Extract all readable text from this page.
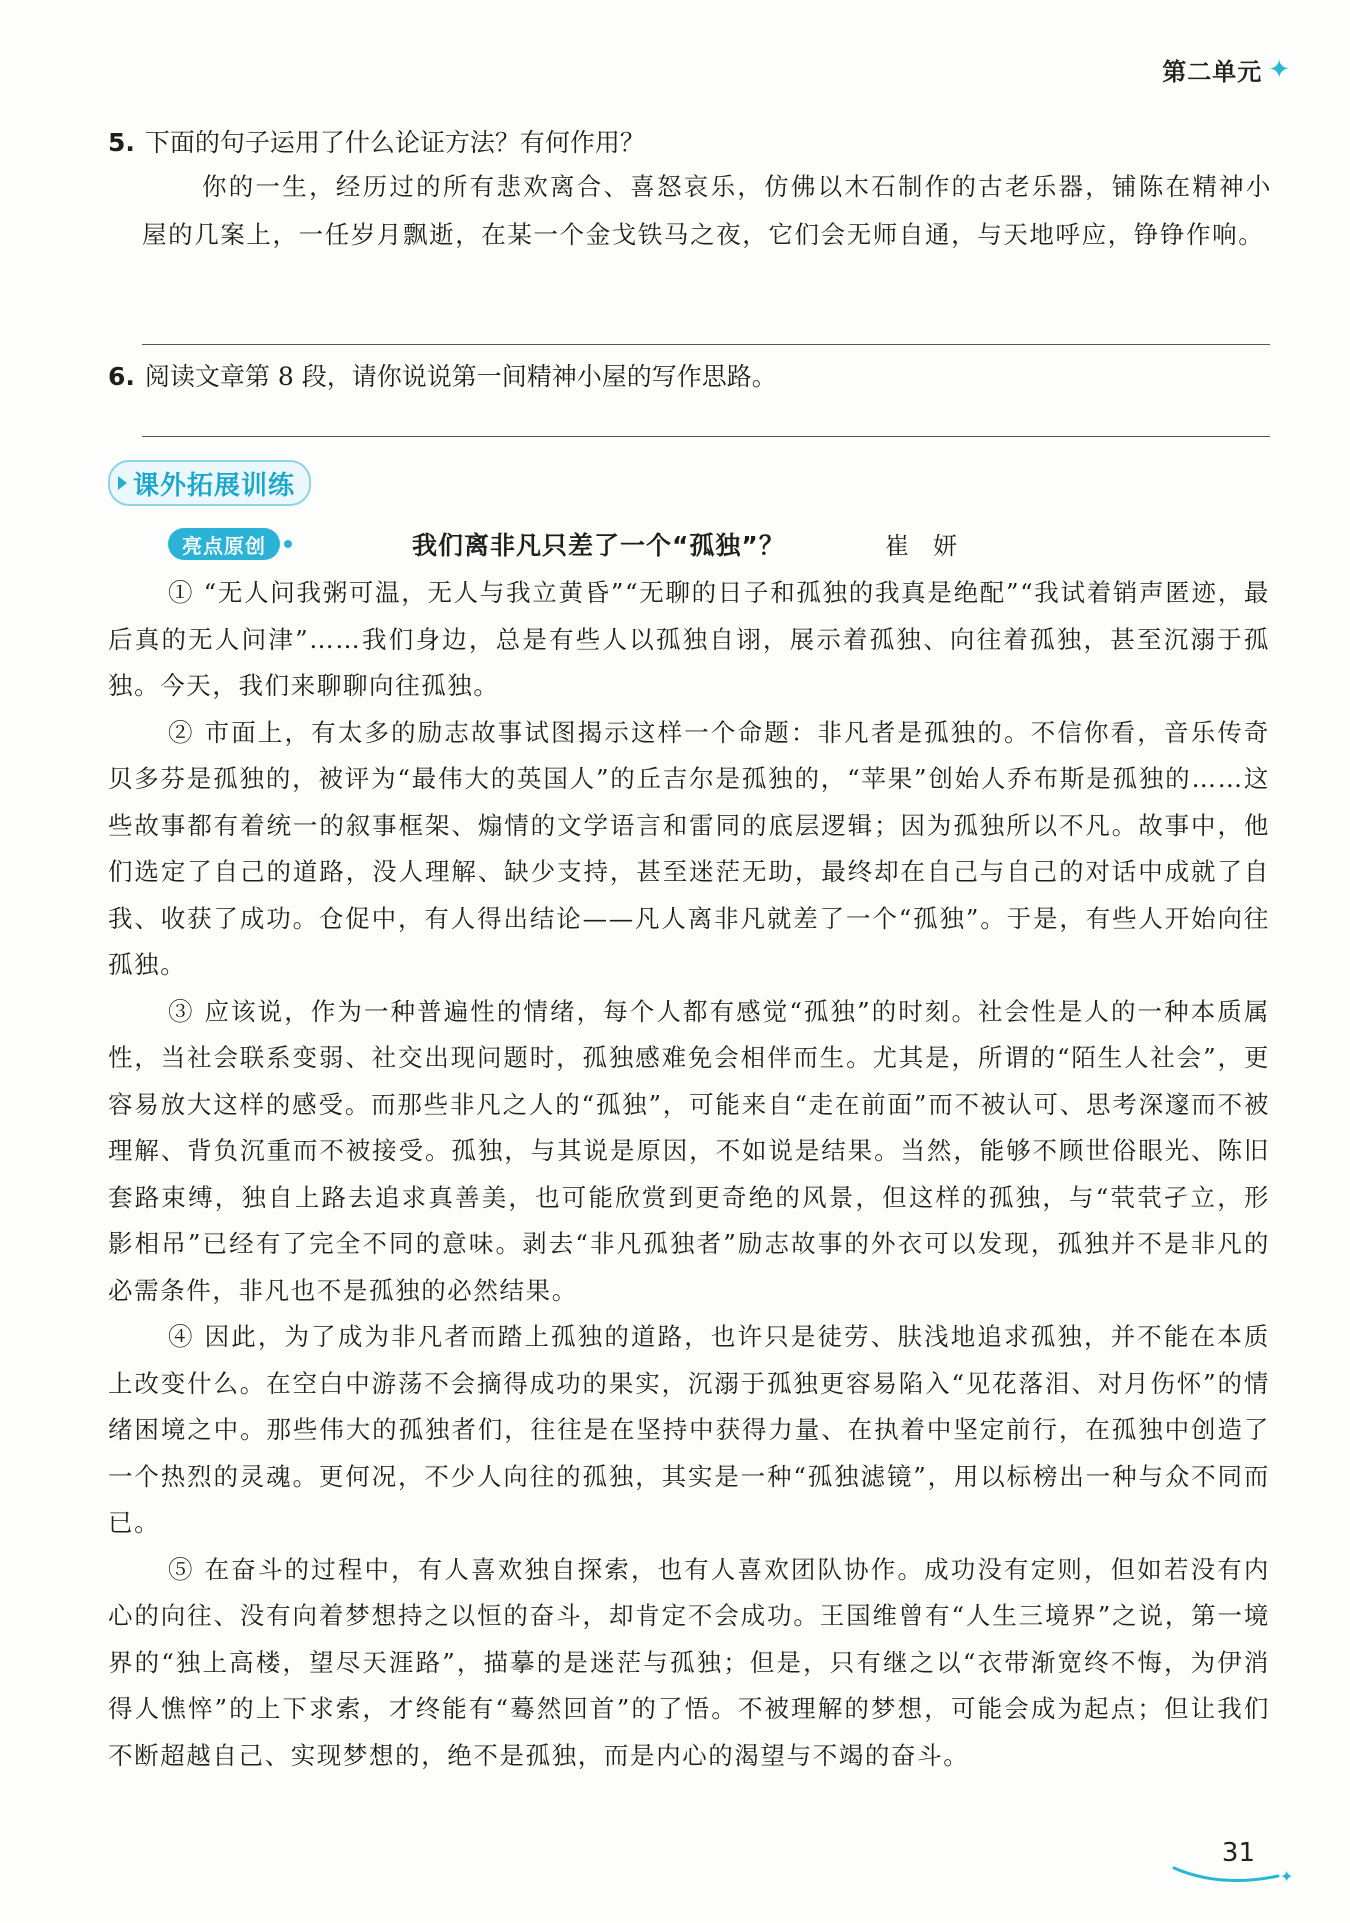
第二单元 ✦
5. 下面的句子运用了什么论证方法？有何作用？
你的一生，经历过的所有悲欢离合、喜怒哀乐，仿佛以木石制作的古老乐器，铺陈在精神小屋的几案上，一任岁月飘逝，在某一个金戈铁马之夜，它们会无师自通，与天地呼应，铮铮作响。
6. 阅读文章第 8 段，请你说说第一间精神小屋的写作思路。
课外拓展训练
亮点原创	我们离非凡只差了一个“孤独”？	崔妍

① “无人问我粥可温，无人与我立黄昏”“无聊的日子和孤独的我真是绝配”“我试着销声匿迹，最后真的无人问津”……我们身边，总是有些人以孤独自诩，展示着孤独、向往着孤独，甚至沉溺于孤独。今天，我们来聊聊向往孤独。

② 市面上，有太多的励志故事试图揭示这样一个命题：非凡者是孤独的。不信你看，音乐传奇贝多芬是孤独的，被评为“最伟大的英国人”的丘吉尔是孤独的，“苹果”创始人乔布斯是孤独的……这些故事都有着统一的叙事框架、煽情的文学语言和雷同的底层逻辑；因为孤独所以不凡。故事中，他们选定了自己的道路，没人理解、缺少支持，甚至迷茫无助，最终却在自己与自己的对话中成就了自我、收获了成功。仓促中，有人得出结论——凡人离非凡就差了一个“孤独”。于是，有些人开始向往孤独。

③ 应该说，作为一种普遍性的情绪，每个人都有感觉“孤独”的时刻。社会性是人的一种本质属性，当社会联系变弱、社交出现问题时，孤独感难免会相伴而生。尤其是，所谓的“陌生人社会”，更容易放大这样的感受。而那些非凡之人的“孤独”，可能来自“走在前面”而不被认可、思考深邃而不被理解、背负沉重而不被接受。孤独，与其说是原因，不如说是结果。当然，能够不顾世俗眼光、陈旧套路束缚，独自上路去追求真善美，也可能欣赏到更奇绝的风景，但这样的孤独，与“茕茕孑立，形影相吊”已经有了完全不同的意味。剥去“非凡孤独者”励志故事的外衣可以发现，孤独并不是非凡的必需条件，非凡也不是孤独的必然结果。

④ 因此，为了成为非凡者而踏上孤独的道路，也许只是徒劳、肤浅地追求孤独，并不能在本质上改变什么。在空白中游荡不会摘得成功的果实，沉溺于孤独更容易陷入“见花落泪、对月伤怀”的情绪困境之中。那些伟大的孤独者们，往往是在坚持中获得力量、在执着中坚定前行，在孤独中创造了一个热烈的灵魂。更何况，不少人向往的孤独，其实是一种“孤独滤镜”，用以标榜出一种与众不同而已。

⑤ 在奋斗的过程中，有人喜欢独自探索，也有人喜欢团队协作。成功没有定则，但如若没有内心的向往、没有向着梦想持之以恒的奋斗，却肯定不会成功。王国维曾有“人生三境界”之说，第一境界的“独上高楼，望尽天涯路”，描摹的是迷茫与孤独；但是，只有继之以“衣带渐宽终不悔，为伊消得人憔悴”的上下求索，才终能有“蓦然回首”的了悟。不被理解的梦想，可能会成为起点；但让我们不断超越自己、实现梦想的，绝不是孤独，而是内心的渴望与不竭的奋斗。

31
✦
